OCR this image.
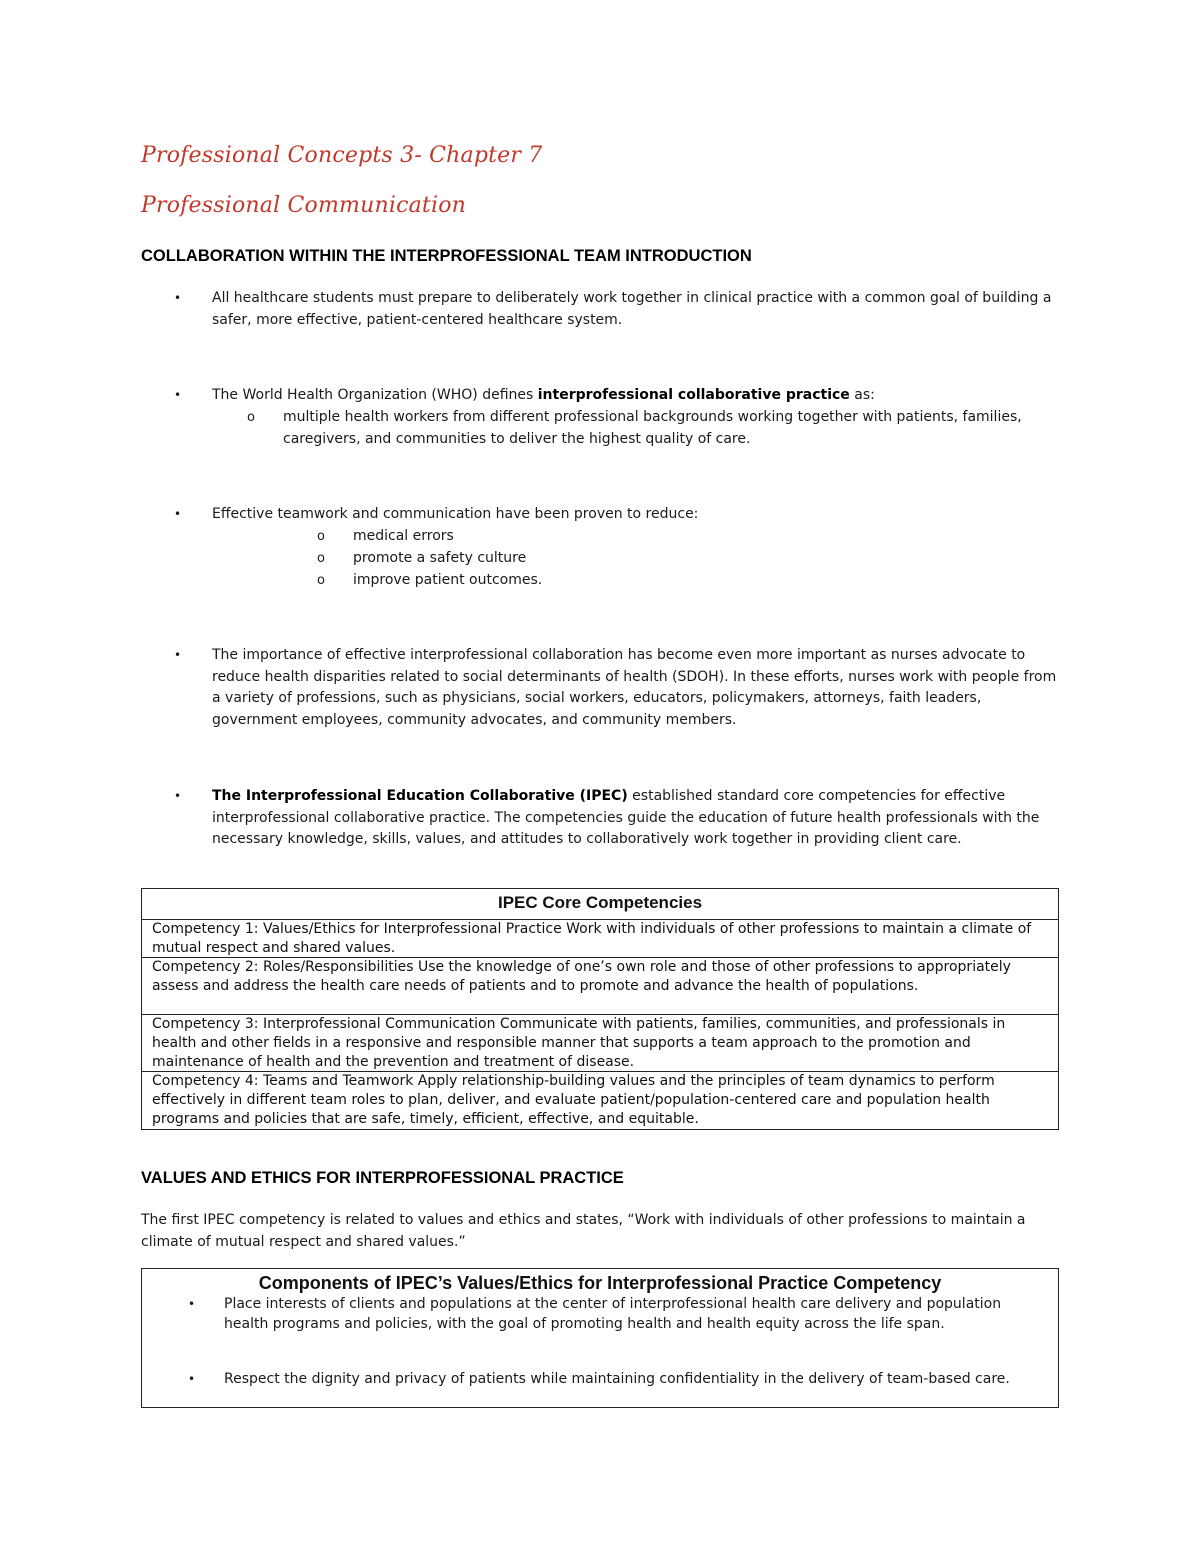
Professional Concepts 3- Chapter 7
Professional Communication
COLLABORATION WITHIN THE INTERPROFESSIONAL TEAM INTRODUCTION
• All healthcare students must prepare to deliberately work together in clinical practice with a common goal of building a safer, more effective, patient-centered healthcare system.
• The World Health Organization (WHO) defines interprofessional collaborative practice as:
o multiple health workers from different professional backgrounds working together with patients, families, caregivers, and communities to deliver the highest quality of care.
• Effective teamwork and communication have been proven to reduce:
o medical errors
o promote a safety culture
o improve patient outcomes.
• The importance of effective interprofessional collaboration has become even more important as nurses advocate to reduce health disparities related to social determinants of health (SDOH). In these efforts, nurses work with people from a variety of professions, such as physicians, social workers, educators, policymakers, attorneys, faith leaders, government employees, community advocates, and community members.
• The Interprofessional Education Collaborative (IPEC) established standard core competencies for effective interprofessional collaborative practice. The competencies guide the education of future health professionals with the necessary knowledge, skills, values, and attitudes to collaboratively work together in providing client care.
IPEC Core Competencies
Competency 1: Values/Ethics for Interprofessional Practice Work with individuals of other professions to maintain a climate of mutual respect and shared values.
Competency 2: Roles/Responsibilities Use the knowledge of one’s own role and those of other professions to appropriately assess and address the health care needs of patients and to promote and advance the health of populations.
Competency 3: Interprofessional Communication Communicate with patients, families, communities, and professionals in health and other fields in a responsive and responsible manner that supports a team approach to the promotion and maintenance of health and the prevention and treatment of disease.
Competency 4: Teams and Teamwork Apply relationship-building values and the principles of team dynamics to perform effectively in different team roles to plan, deliver, and evaluate patient/population-centered care and population health programs and policies that are safe, timely, efficient, effective, and equitable.
VALUES AND ETHICS FOR INTERPROFESSIONAL PRACTICE
The first IPEC competency is related to values and ethics and states, “Work with individuals of other professions to maintain a climate of mutual respect and shared values.”
Components of IPEC’s Values/Ethics for Interprofessional Practice Competency
• Place interests of clients and populations at the center of interprofessional health care delivery and population health programs and policies, with the goal of promoting health and health equity across the life span.
• Respect the dignity and privacy of patients while maintaining confidentiality in the delivery of team-based care.
